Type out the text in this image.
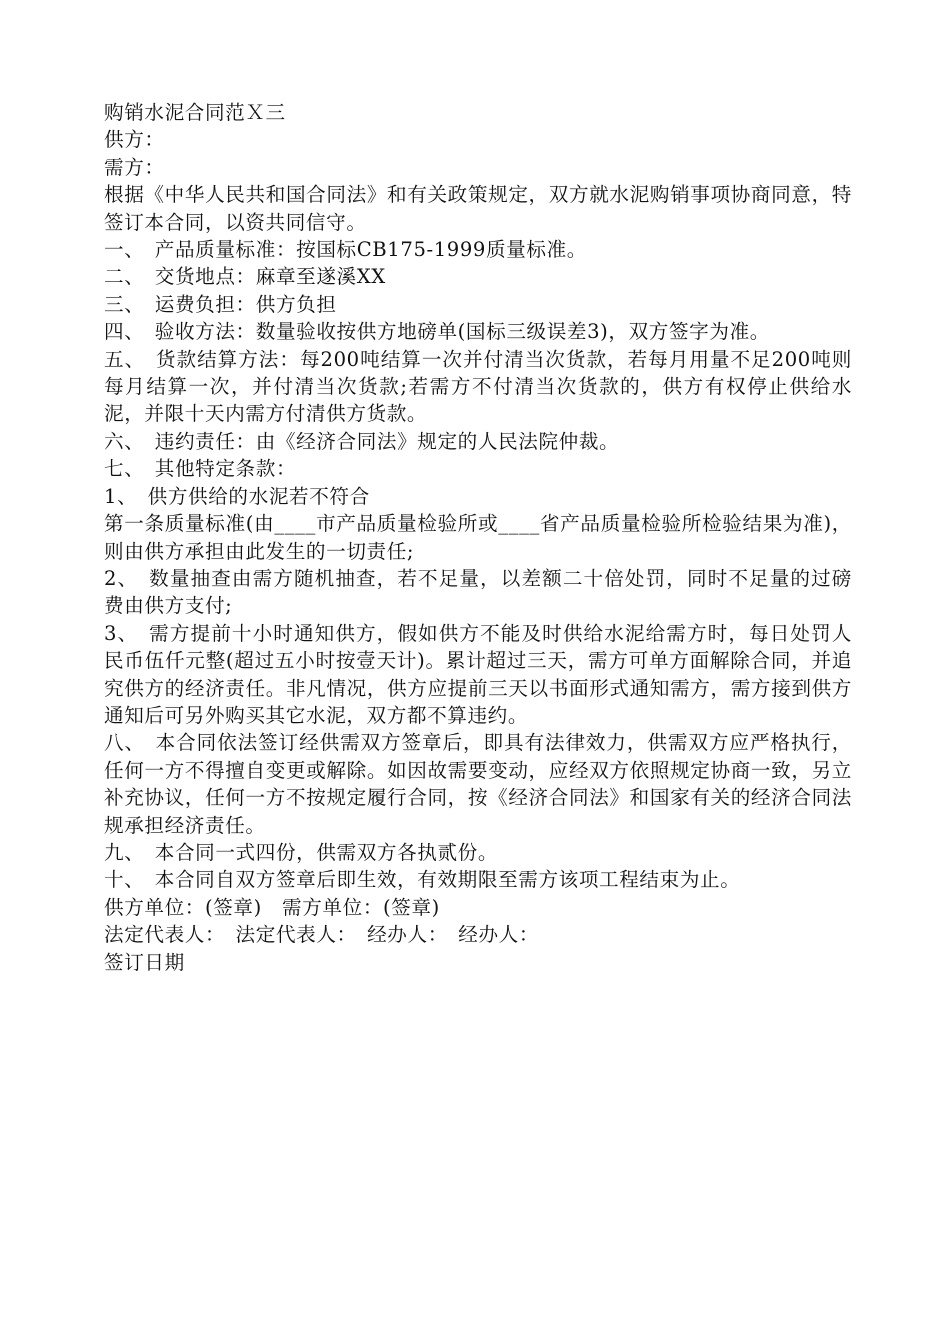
购销水泥合同范Ｘ三

供方：

需方：

根据《中华人民共和国合同法》和有关政策规定，双方就水泥购销事项协商同意，特签订本合同，以资共同信守。

一、　产品质量标准：按国标CB175-1999质量标准。

二、　交货地点：麻章至遂溪XX

三、　运费负担：供方负担

四、　验收方法：数量验收按供方地磅单(国标三级误差3)，双方签字为准。

五、　货款结算方法：每200吨结算一次并付清当次货款，若每月用量不足200吨则每月结算一次，并付清当次货款;若需方不付清当次货款的，供方有权停止供给水泥，并限十天内需方付清供方货款。

六、　违约责任：由《经济合同法》规定的人民法院仲裁。

七、　其他特定条款：

1、　供方供给的水泥若不符合

第一条质量标准(由____市产品质量检验所或____省产品质量检验所检验结果为准)，则由供方承担由此发生的一切责任;

2、　数量抽查由需方随机抽查，若不足量，以差额二十倍处罚，同时不足量的过磅费由供方支付;

3、　需方提前十小时通知供方，假如供方不能及时供给水泥给需方时，每日处罚人民币伍仟元整(超过五小时按壹天计)。累计超过三天，需方可单方面解除合同，并追究供方的经济责任。非凡情况，供方应提前三天以书面形式通知需方，需方接到供方通知后可另外购买其它水泥，双方都不算违约。

八、　本合同依法签订经供需双方签章后，即具有法律效力，供需双方应严格执行，任何一方不得擅自变更或解除。如因故需要变动，应经双方依照规定协商一致，另立补充协议，任何一方不按规定履行合同，按《经济合同法》和国家有关的经济合同法规承担经济责任。

九、　本合同一式四份，供需双方各执贰份。

十、　本合同自双方签章后即生效，有效期限至需方该项工程结束为止。

供方单位：(签章)　需方单位：(签章)

法定代表人：　法定代表人：　经办人：　经办人：

签订日期
